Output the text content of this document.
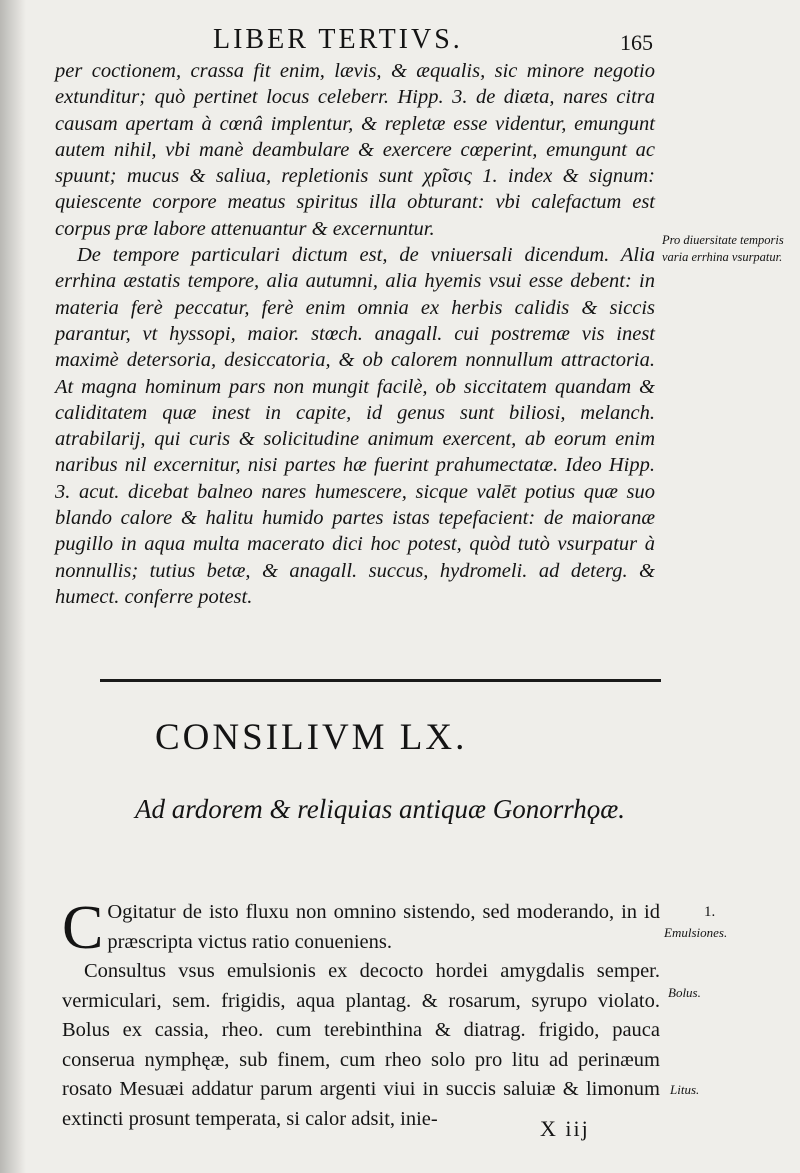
LIBER TERTIVS.	165

per coctionem, crassa fit enim, lævis, & æqualis, sic minore negotio extunditur; quò pertinet locus celeberr. Hipp. 3. de diæta, nares citra causam apertam à cœnâ implentur, & repletæ esse videntur, emungunt autem nihil, vbi manè deambulare & exercere cœperint, emungunt ac spuunt; mucus & saliua, repletionis sunt χρῖσις 1. index & signum: quiescente corpore meatus spiritus illa obturant: vbi calefactum est corpus præ labore attenuantur & excernuntur.

De tempore particulari dictum est, de vniuersali dicendum. Alia errhina æstatis tempore, alia autumni, alia hyemis vsui esse debent: in materia ferè peccatur, ferè enim omnia ex herbis calidis & siccis parantur, vt hyssopi, maior. stœch. anagall. cui postremæ vis inest maximè detersoria, desiccatoria, & ob calorem nonnullum attractoria. At magna hominum pars non mungit facilè, ob siccitatem quandam & caliditatem quæ inest in capite, id genus sunt biliosi, melanch. atrabilarij, qui curis & solicitudine animum exercent, ab eorum enim naribus nil excernitur, nisi partes hæ fuerint prahumectatæ. Ideo Hipp. 3. acut. dicebat balneo nares humescere, sicque valēt potius quæ suo blando calore & halitu humido partes istas tepefacient: de maioranæ pugillo in aqua multa macerato dici hoc potest, quòd tutò vsurpatur à nonnullis; tutius betæ, & anagall. succus, hydromeli. ad deterg. & humect. conferre potest.

Pro diuersitate temporis varia errhina vsurpatur.
CONSILIVM LX.
Ad ardorem & reliquias antiquæ Gonorrhϙæ.

C Ogitatur de isto fluxu non omnino sistendo, sed moderando, in id præscripta victus ratio conueniens.

Consultus vsus emulsionis ex decocto hordei amygdalis semper. vermiculari, sem. frigidis, aqua plantag. & rosarum, syrupo violato. Bolus ex cassia, rheo. cum terebinthina & diatrag. frigido, pauca conserua nymphęæ, sub finem, cum rheo solo pro litu ad perinæum rosato Mesuæi addatur parum argenti viui in succis saluiæ & limonum extincti prosunt temperata, si calor adsit, inie-

1.
Emulsiones.
Bolus.
Litus.
X iij
